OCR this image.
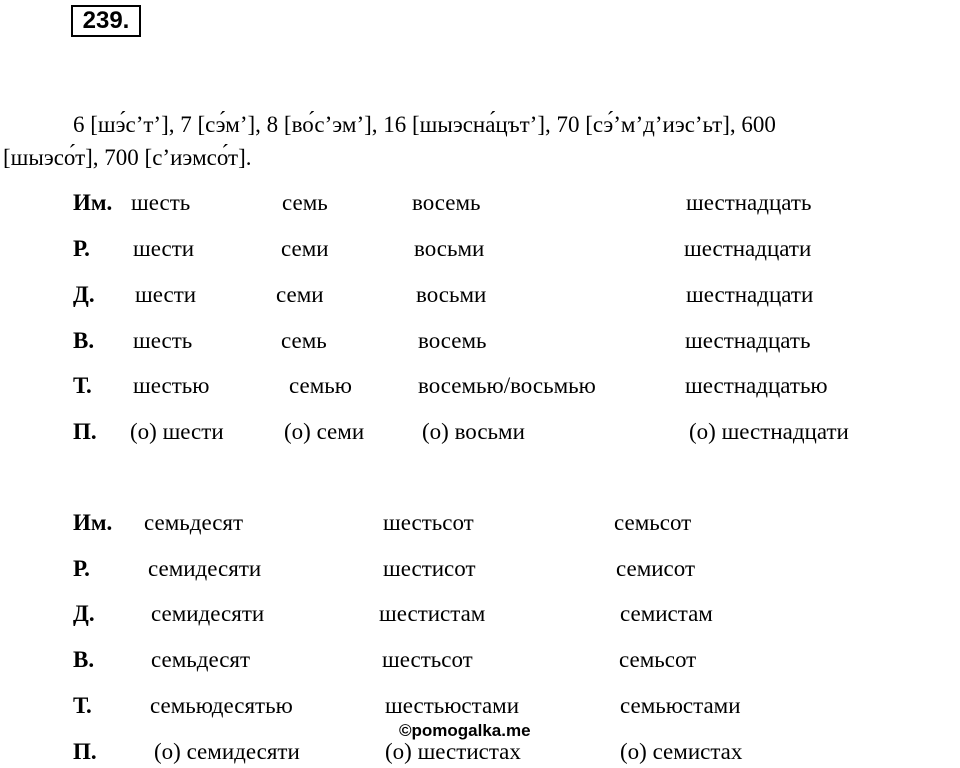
239.
6 [шэ́с’т’], 7 [сэ́м’], 8 [во́с’эм’], 16 [шыэсна́цът’], 70 [сэ́’м’д’иэс’ьт], 600
[шыэсо́т], 700 [с’иэмсо́т].
Им. шесть	семь	восемь	шестнадцать
Р. шести	семи	восьми	шестнадцати
Д. шести	семи	восьми	шестнадцати
В. шесть	семь	восемь	шестнадцать
Т. шестью	семью	восемью/восьмью	шестнадцатью
П. (о) шести	(о) семи	(о) восьми	(о) шестнадцати
Им. семьдесят	шестьсот	семьсот
Р.	семидесяти	шестисот	семисот
Д. семидесяти	шестистам	семистам
В. семьдесят	шестьсот	семьсот
Т.	семьюдесятью	шестьюстами	семьюстами
П. (о) семидесяти	(о) шестистах	(о) семистах
©pomogalka.me
